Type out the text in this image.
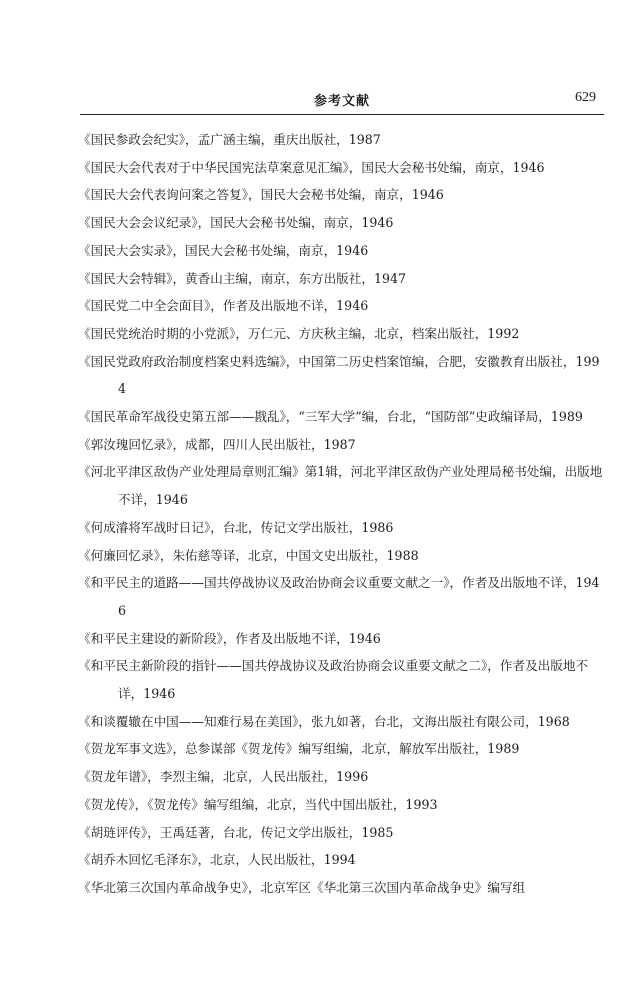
参考文献	629
《国民参政会纪实》，孟广涵主编，重庆出版社，1987
《国民大会代表对于中华民国宪法草案意见汇编》，国民大会秘书处编，南京，1946
《国民大会代表询问案之答复》，国民大会秘书处编，南京，1946
《国民大会会议纪录》，国民大会秘书处编，南京，1946
《国民大会实录》，国民大会秘书处编，南京，1946
《国民大会特辑》，黄香山主编，南京，东方出版社，1947
《国民党二中全会面目》，作者及出版地不详，1946
《国民党统治时期的小党派》，万仁元、方庆秋主编，北京，档案出版社，1992
《国民党政府政治制度档案史料选编》，中国第二历史档案馆编，合肥，安徽教育出版社，1994
《国民革命军战役史第五部——戡乱》，“三军大学”编，台北，“国防部”史政编译局，1989
《郭汝瑰回忆录》，成都，四川人民出版社，1987
《河北平津区敌伪产业处理局章则汇编》第1辑，河北平津区敌伪产业处理局秘书处编，出版地不详，1946
《何成濬将军战时日记》，台北，传记文学出版社，1986
《何廉回忆录》，朱佑慈等译，北京，中国文史出版社，1988
《和平民主的道路——国共停战协议及政治协商会议重要文献之一》，作者及出版地不详，1946
《和平民主建设的新阶段》，作者及出版地不详，1946
《和平民主新阶段的指针——国共停战协议及政治协商会议重要文献之二》，作者及出版地不详，1946
《和谈覆辙在中国——知难行易在美国》，张九如著，台北，文海出版社有限公司，1968
《贺龙军事文选》，总参谋部《贺龙传》编写组编，北京，解放军出版社，1989
《贺龙年谱》，李烈主编，北京，人民出版社，1996
《贺龙传》，《贺龙传》编写组编，北京，当代中国出版社，1993
《胡琏评传》，王禹廷著，台北，传记文学出版社，1985
《胡乔木回忆毛泽东》，北京，人民出版社，1994
《华北第三次国内革命战争史》，北京军区《华北第三次国内革命战争史》编写组
